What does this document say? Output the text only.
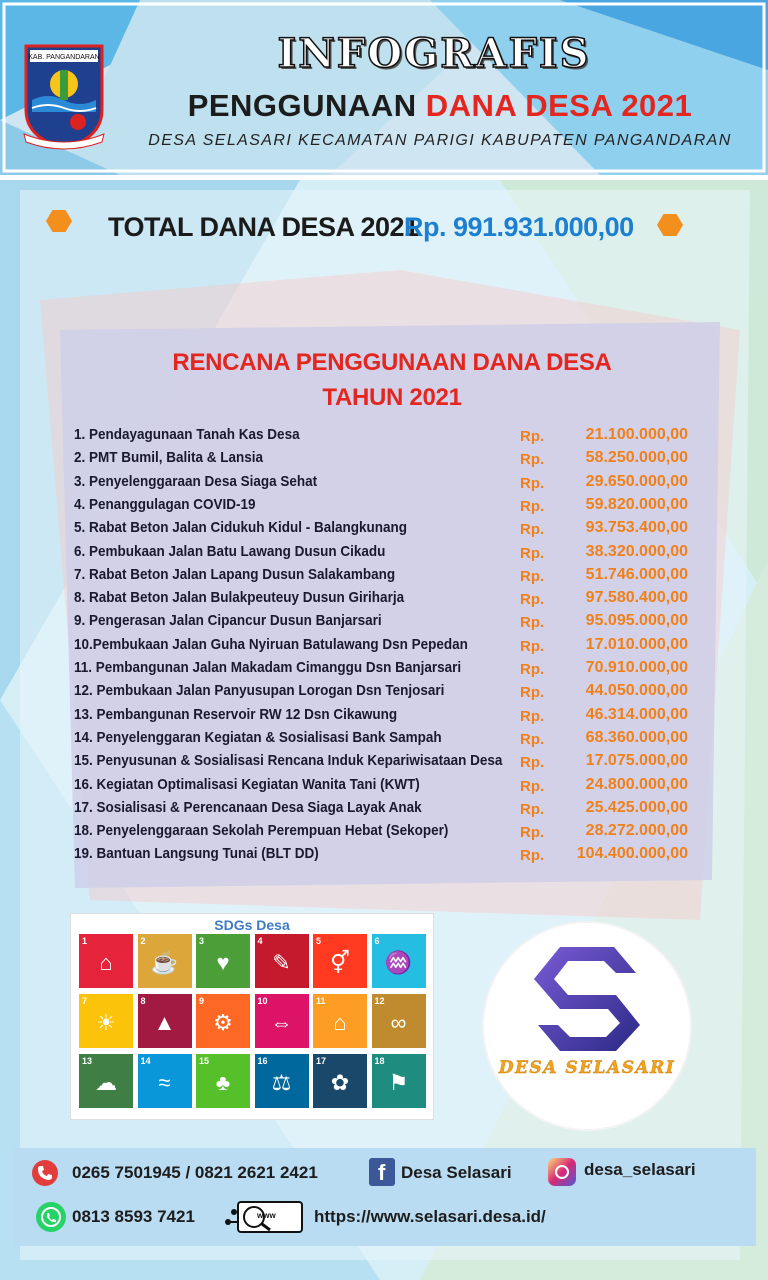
KAB. PANGANDARAN	INFOGRAFIS
PENGGUNAAN DANA DESA 2021
DESA SELASARI KECAMATAN PARIGI KABUPATEN PANGANDARAN
TOTAL DANA DESA 2021
Rp. 991.931.000,00
RENCANA PENGGUNAAN DANA DESA
TAHUN 2021
1. Pendayagunaan Tanah Kas Desa	Rp.	21.100.000,00
2. PMT Bumil, Balita & Lansia	Rp.	58.250.000,00
3. Penyelenggaraan Desa Siaga Sehat	Rp.	29.650.000,00
4. Penanggulagan COVID-19	Rp.	59.820.000,00
5. Rabat Beton Jalan Cidukuh Kidul - Balangkunang	Rp.	93.753.400,00
6. Pembukaan Jalan Batu Lawang Dusun Cikadu	Rp.	38.320.000,00
7. Rabat Beton Jalan Lapang Dusun Salakambang	Rp.	51.746.000,00
8. Rabat Beton Jalan Bulakpeuteuy Dusun Giriharja	Rp.	97.580.400,00
9. Pengerasan Jalan Cipancur Dusun Banjarsari	Rp.	95.095.000,00
10.Pembukaan Jalan Guha Nyiruan Batulawang Dsn Pepedan	Rp.	17.010.000,00
11. Pembangunan Jalan Makadam Cimanggu Dsn Banjarsari	Rp.	70.910.000,00
12. Pembukaan Jalan Panyusupan Lorogan Dsn Tenjosari	Rp.	44.050.000,00
13. Pembangunan Reservoir RW 12 Dsn Cikawung	Rp.	46.314.000,00
14. Penyelenggaran Kegiatan & Sosialisasi Bank Sampah	Rp.	68.360.000,00
15. Penyusunan & Sosialisasi Rencana Induk Kepariwisataan Desa Rp.	17.075.000,00
16. Kegiatan Optimalisasi Kegiatan Wanita Tani (KWT)	Rp.	24.800.000,00
17. Sosialisasi & Perencanaan Desa Siaga Layak Anak	Rp.	25.425.000,00
18. Penyelenggaraan Sekolah Perempuan Hebat (Sekoper)	Rp.	28.272.000,00
19. Bantuan Langsung Tunai (BLT DD)	Rp. 104.400.000,00
SDGs Desa
1
⌂
2
☕
3
♥
4
✎
5
⚥
6
♒
7
☀
8
▲
9
⚙
10
⇔
11
⌂
12
∞
13
☁
14
≈
15
♣
16
⚖
17
✿
18
⚑
DESA SELASARI
0265 7501945 / 0821 2621 2421	f Desa Selasari	desa_selasari
0813 8593 7421	www https://www.selasari.desa.id/
